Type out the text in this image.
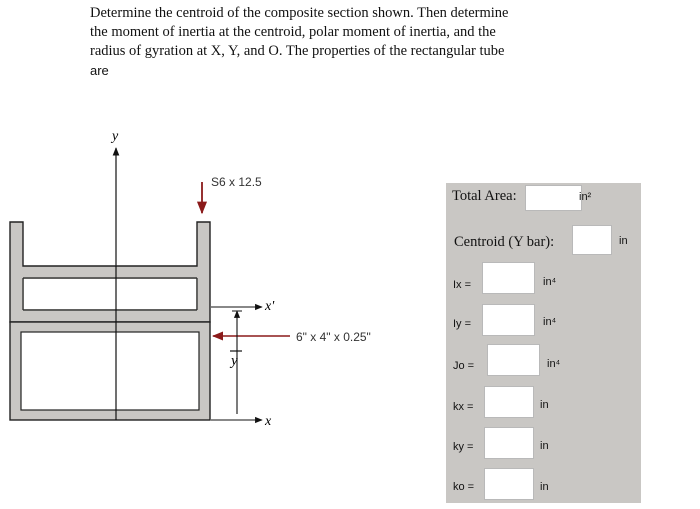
Determine the centroid of the composite section shown. Then determine
the moment of inertia at the centroid, polar moment of inertia, and the
radius of gyration at X, Y, and O. The properties of the rectangular tube
are
y
S6 x 12.5
6" x 4" x 0.25"
x'
y
x
Total Area:	in²
Centroid (Y bar):	in
Ix =	in⁴
Iy =	in⁴
Jo =	in⁴
kx =	in
ky =	in
ko =	in
